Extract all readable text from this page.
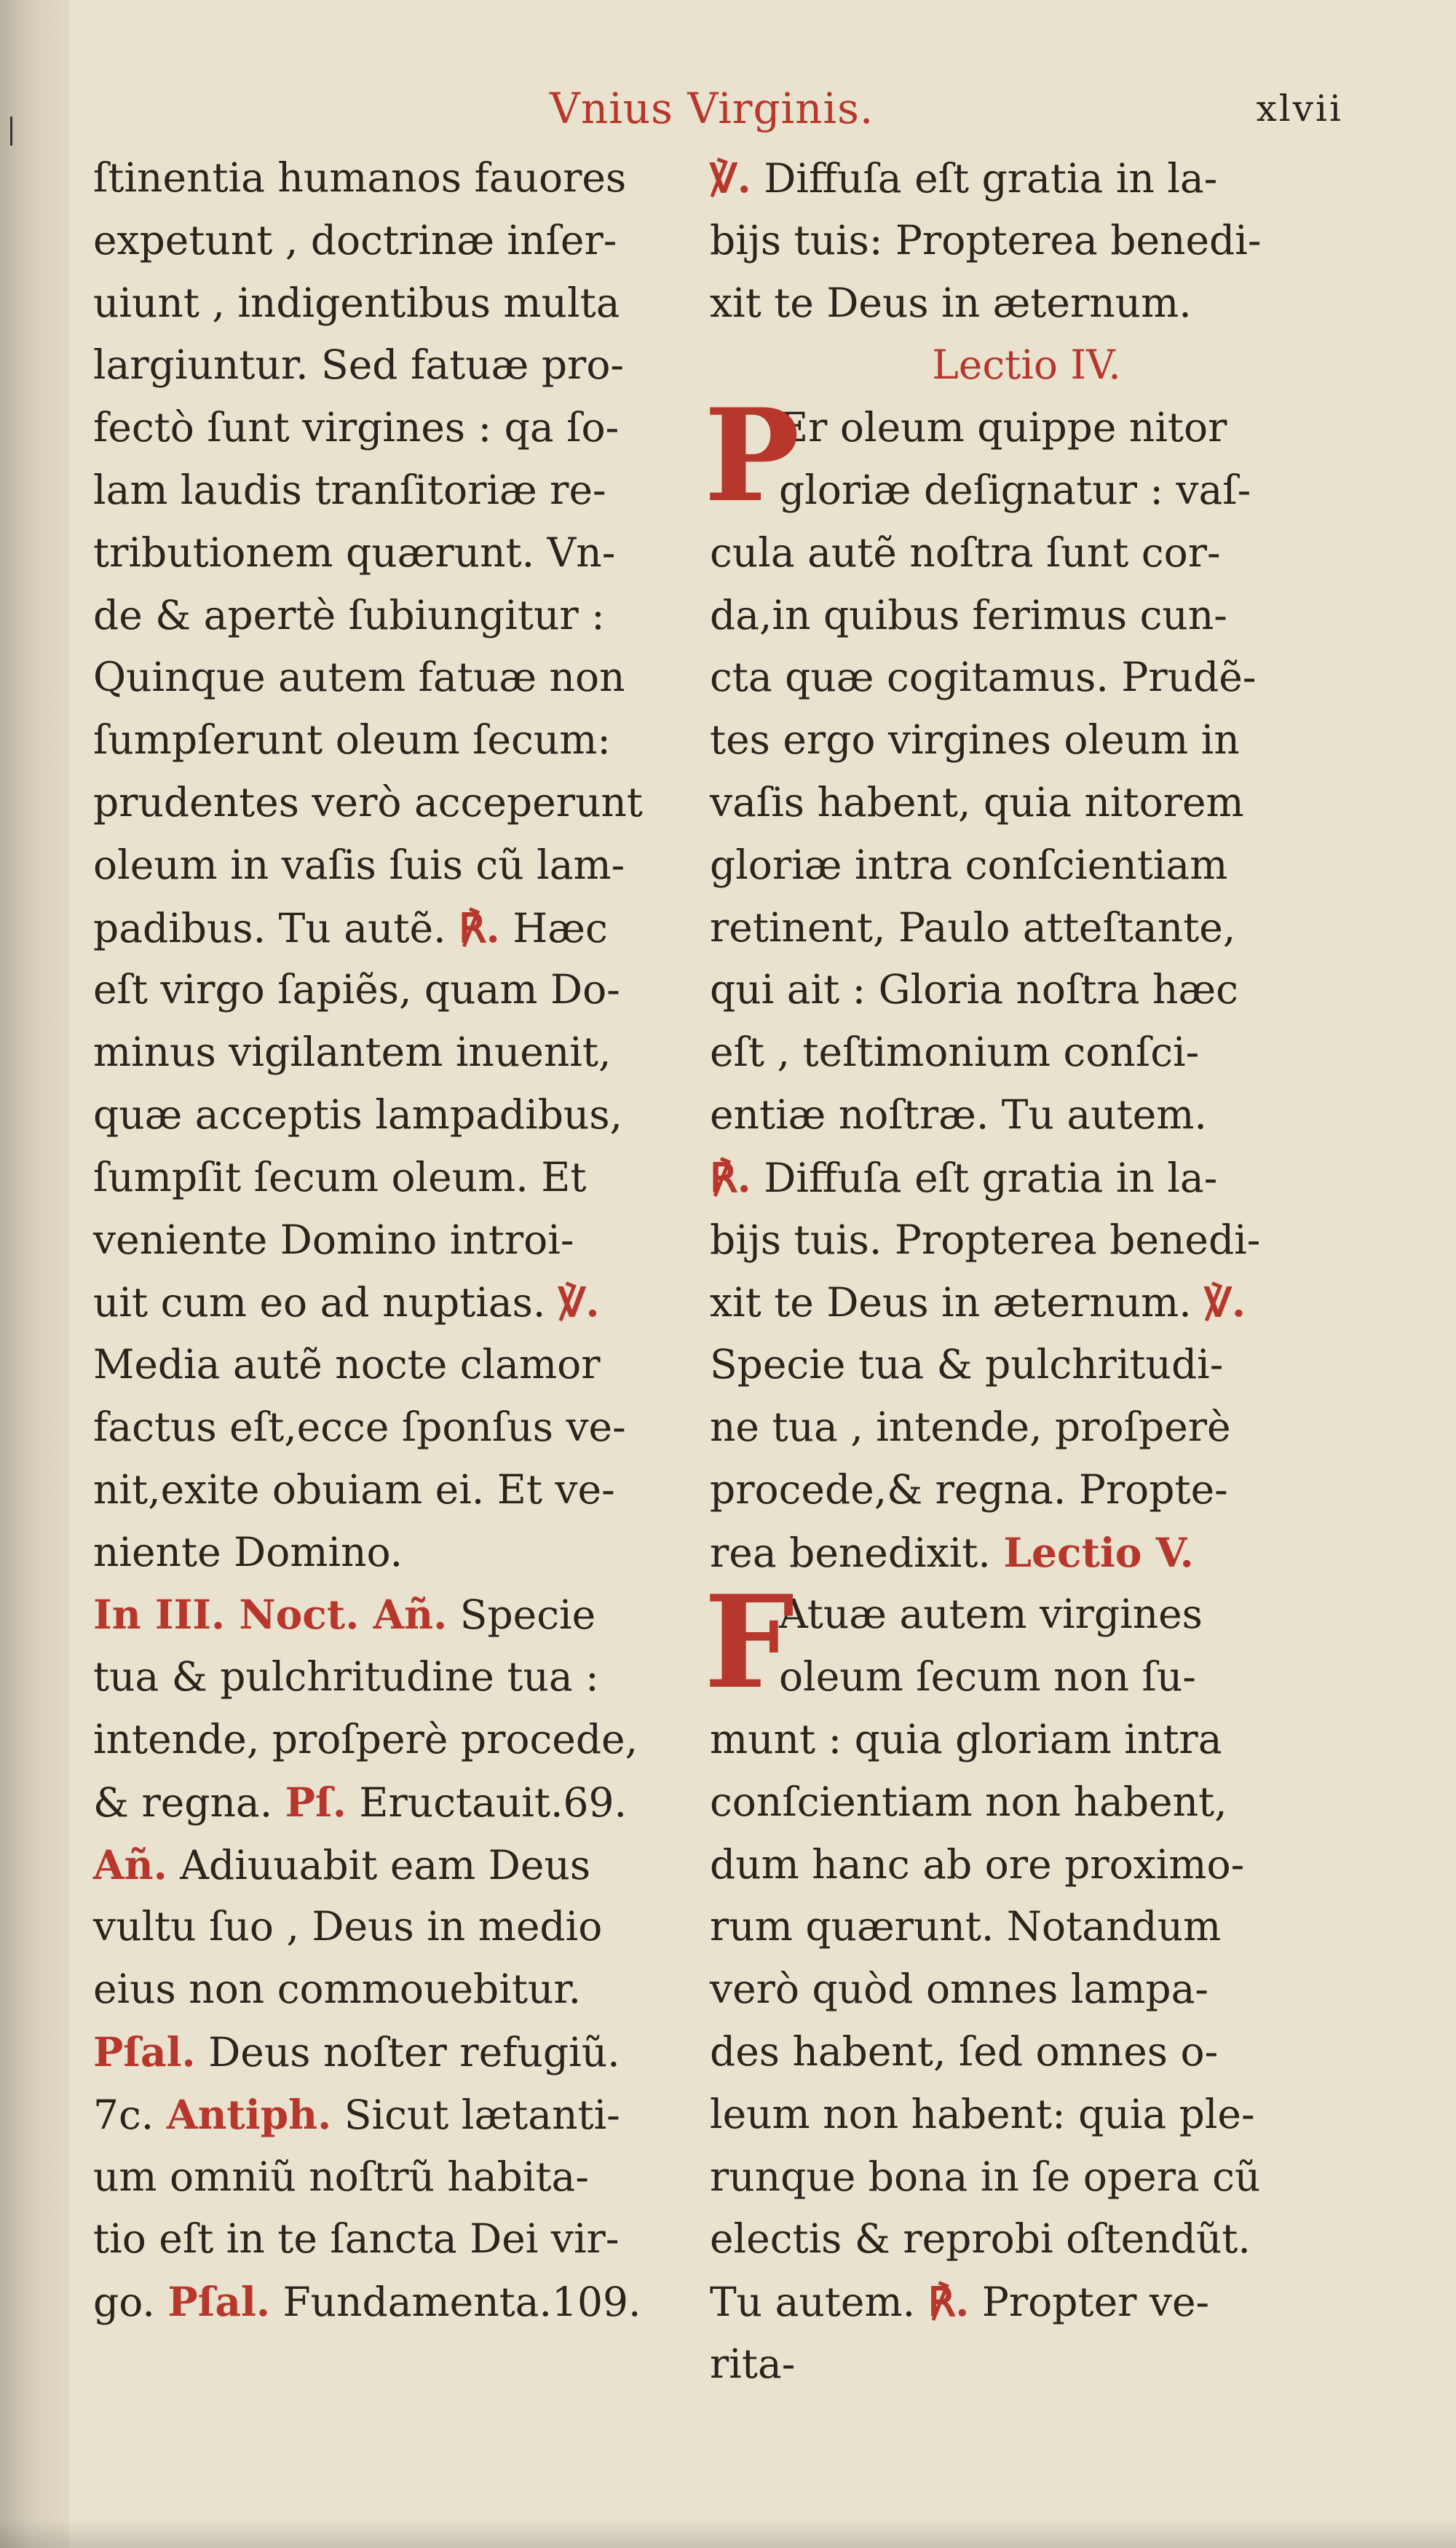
Vnius Virginis.	xlvii
ſtinentia humanos fauores
expetunt , doctrinæ inſer-
uiunt , indigentibus multa
largiuntur. Sed fatuæ pro-
fectò ſunt virgines : qa ſo-
lam laudis tranſitoriæ re-
tributionem quærunt. Vn-
de & apertè ſubiungitur :
Quinque autem fatuæ non
ſumpſerunt oleum ſecum:
prudentes verò acceperunt
oleum in vaſis ſuis cũ lam-
padibus. Tu autẽ. ℟. Hæc
eſt virgo ſapiẽs, quam Do-
minus vigilantem inuenit,
quæ acceptis lampadibus,
ſumpſit ſecum oleum. Et
veniente Domino introi-
uit cum eo ad nuptias. ℣.
Media autẽ nocte clamor
factus eſt,ecce ſponſus ve-
nit,exite obuiam ei. Et ve-
niente Domino.
In III. Noct. Añ. Specie
tua & pulchritudine tua :
intende, proſperè procede,
& regna. Pſ. Eructauit.69.
Añ. Adiuuabit eam Deus
vultu ſuo , Deus in medio
eius non commouebitur.
Pſal. Deus noſter refugiũ.
7c. Antiph. Sicut lætanti-
um omniũ noſtrũ habita-
tio eſt in te ſancta Dei vir-
go. Pſal. Fundamenta.109.
℣. Diffuſa eſt gratia in la-
bijs tuis: Propterea benedi-
xit te Deus in æternum.
Lectio IV.
P
Er oleum quippe nitor
gloriæ deſignatur : vaſ-
cula autẽ noſtra ſunt cor-
da,in quibus ferimus cun-
cta quæ cogitamus. Prudẽ-
tes ergo virgines oleum in
vaſis habent, quia nitorem
gloriæ intra conſcientiam
retinent, Paulo atteſtante,
qui ait : Gloria noſtra hæc
eſt , teſtimonium conſci-
entiæ noſtræ. Tu autem.
℟. Diffuſa eſt gratia in la-
bijs tuis. Propterea benedi-
xit te Deus in æternum. ℣.
Specie tua & pulchritudi-
ne tua , intende, proſperè
procede,& regna. Propte-
rea benedixit. Lectio V.
F
Atuæ autem virgines
oleum ſecum non ſu-
munt : quia gloriam intra
conſcientiam non habent,
dum hanc ab ore proximo-
rum quærunt. Notandum
verò quòd omnes lampa-
des habent, ſed omnes o-
leum non habent: quia ple-
runque bona in ſe opera cũ
electis & reprobi oſtendũt.
Tu autem. ℟. Propter ve-
rita-
